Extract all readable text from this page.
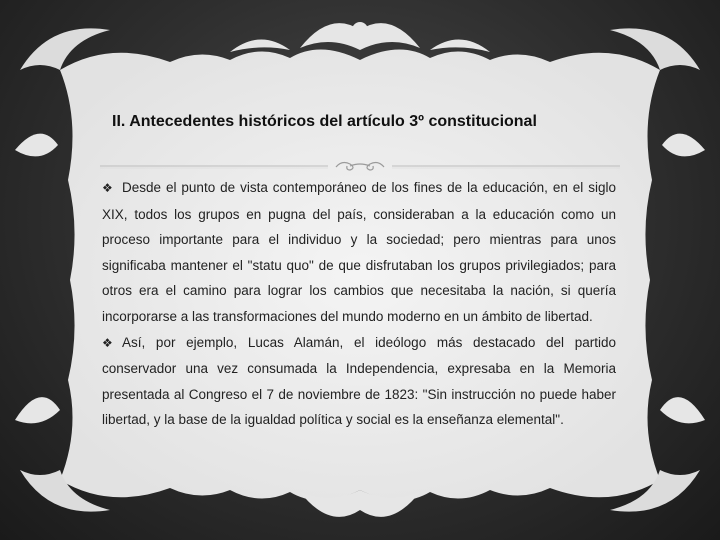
II. Antecedentes históricos del artículo 3º constitucional

❖ Desde el punto de vista contemporáneo de los fines de la educación, en el siglo XIX, todos los grupos en pugna del país, consideraban a la educación como un proceso importante para el individuo y la sociedad; pero mientras para unos significaba mantener el "statu quo" de que disfrutaban los grupos privilegiados; para otros era el camino para lograr los cambios que necesitaba la nación, si quería incorporarse a las transformaciones del mundo moderno en un ámbito de libertad.

❖ Así, por ejemplo, Lucas Alamán, el ideólogo más destacado del partido conservador una vez consumada la Independencia, expresaba en la Memoria presentada al Congreso el 7 de noviembre de 1823: "Sin instrucción no puede haber libertad, y la base de la igualdad política y social es la enseñanza elemental".
